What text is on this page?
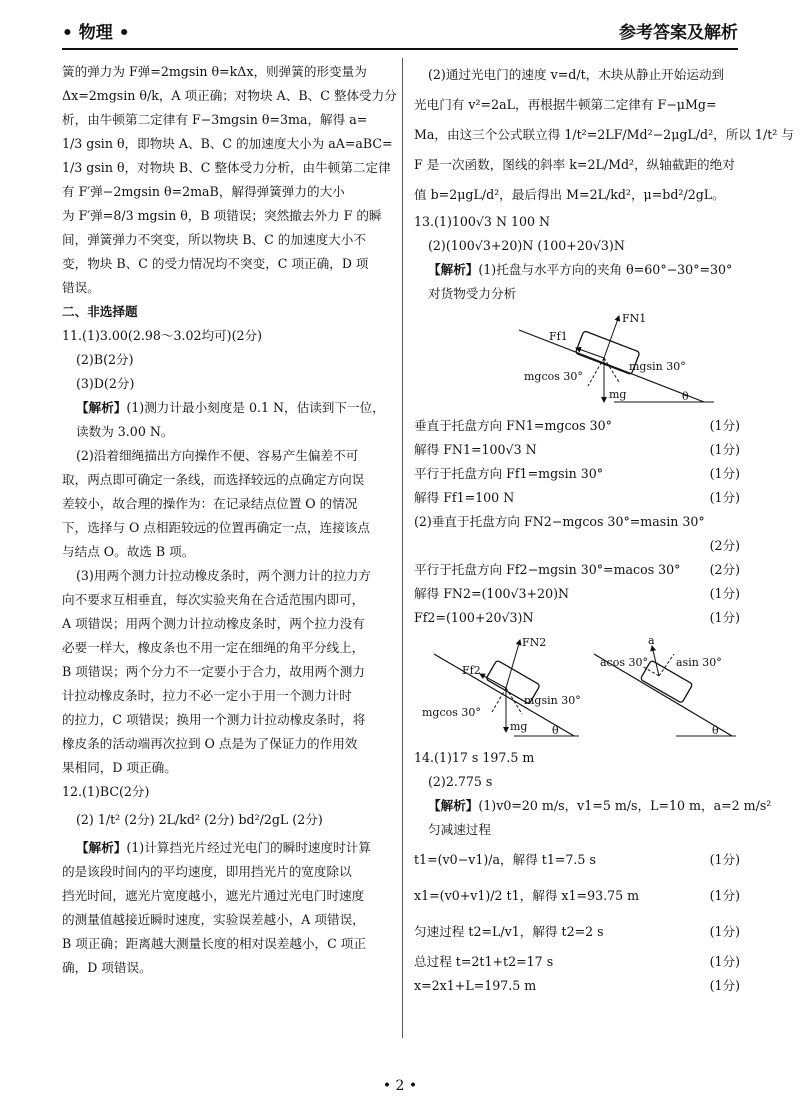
• 物理 •	参考答案及解析
簧的弹力为 F弹=2mgsin θ=kΔx，则弹簧的形变量为
Δx=2mgsin θ/k，A 项正确；对物块 A、B、C 整体受力分
析，由牛顿第二定律有 F−3mgsin θ=3ma，解得 a=
1/3 gsin θ，即物块 A、B、C 的加速度大小为 aA=aBC=
1/3 gsin θ，对物块 B、C 整体受力分析，由牛顿第二定律
有 F′弹−2mgsin θ=2maB，解得弹簧弹力的大小
为 F′弹=8/3 mgsin θ，B 项错误；突然撤去外力 F 的瞬
间，弹簧弹力不突变，所以物块 B、C 的加速度大小不
变，物块 B、C 的受力情况均不突变，C 项正确，D 项
错误。
二、非选择题
11.(1)3.00(2.98～3.02均可)(2分)
(2)B(2分)
(3)D(2分)
【解析】(1)测力计最小刻度是 0.1 N，估读到下一位，
读数为 3.00 N。
(2)沿着细绳描出方向操作不便、容易产生偏差不可
取，两点即可确定一条线，而选择较远的点确定方向误
差较小，故合理的操作为：在记录结点位置 O 的情况
下，选择与 O 点相距较远的位置再确定一点，连接该点
与结点 O。故选 B 项。
(3)用两个测力计拉动橡皮条时，两个测力计的拉力方
向不要求互相垂直，每次实验夹角在合适范围内即可，
A 项错误；用两个测力计拉动橡皮条时，两个拉力没有
必要一样大，橡皮条也不用一定在细绳的角平分线上，
B 项错误；两个分力不一定要小于合力，故用两个测力
计拉动橡皮条时，拉力不必一定小于用一个测力计时
的拉力，C 项错误；换用一个测力计拉动橡皮条时，将
橡皮条的活动端再次拉到 O 点是为了保证力的作用效
果相同，D 项正确。
12.(1)BC(2分)
(2) 1/t² (2分) 2L/kd² (2分) bd²/2gL (2分)
【解析】(1)计算挡光片经过光电门的瞬时速度时计算
的是该段时间内的平均速度，即用挡光片的宽度除以
挡光时间，遮光片宽度越小，遮光片通过光电门时速度
的测量值越接近瞬时速度，实验误差越小，A 项错误，
B 项正确；距离越大测量长度的相对误差越小，C 项正
确，D 项错误。
(2)通过光电门的速度 v=d/t，木块从静止开始运动到
光电门有 v²=2aL，再根据牛顿第二定律有 F−μMg=
Ma，由这三个公式联立得 1/t²=2LF/Md²−2μgL/d²，所以 1/t² 与
F 是一次函数，图线的斜率 k=2L/Md²，纵轴截距的绝对
值 b=2μgL/d²，最后得出 M=2L/kd²，μ=bd²/2gL。
13.(1)100√3 N 100 N
(2)(100√3+20)N (100+20√3)N
【解析】(1)托盘与水平方向的夹角 θ=60°−30°=30°
对货物受力分析
FN1
Ff1
mgsin 30°
mgcos 30°
mg	θ
垂直于托盘方向 FN1=mgcos 30°	(1分)
解得 FN1=100√3 N	(1分)
平行于托盘方向 Ff1=mgsin 30°	(1分)
解得 Ff1=100 N	(1分)
(2)垂直于托盘方向 FN2−mgcos 30°=masin 30°
(2分)
平行于托盘方向 Ff2−mgsin 30°=macos 30° (2分)
解得 FN2=(100√3+20)N	(1分)
Ff2=(100+20√3)N	(1分)
FN2
Ff2
mgsin 30°
mgcos 30°
mg θ
a
acos 30°	asin 30°
θ
14.(1)17 s 197.5 m
(2)2.775 s
【解析】(1)v0=20 m/s，v1=5 m/s，L=10 m，a=2 m/s²
匀减速过程
t1=(v0−v1)/a，解得 t1=7.5 s	(1分)
x1=(v0+v1)/2 t1，解得 x1=93.75 m	(1分)
匀速过程 t2=L/v1，解得 t2=2 s	(1分)
总过程 t=2t1+t2=17 s	(1分)
x=2x1+L=197.5 m	(1分)
• 2 •
